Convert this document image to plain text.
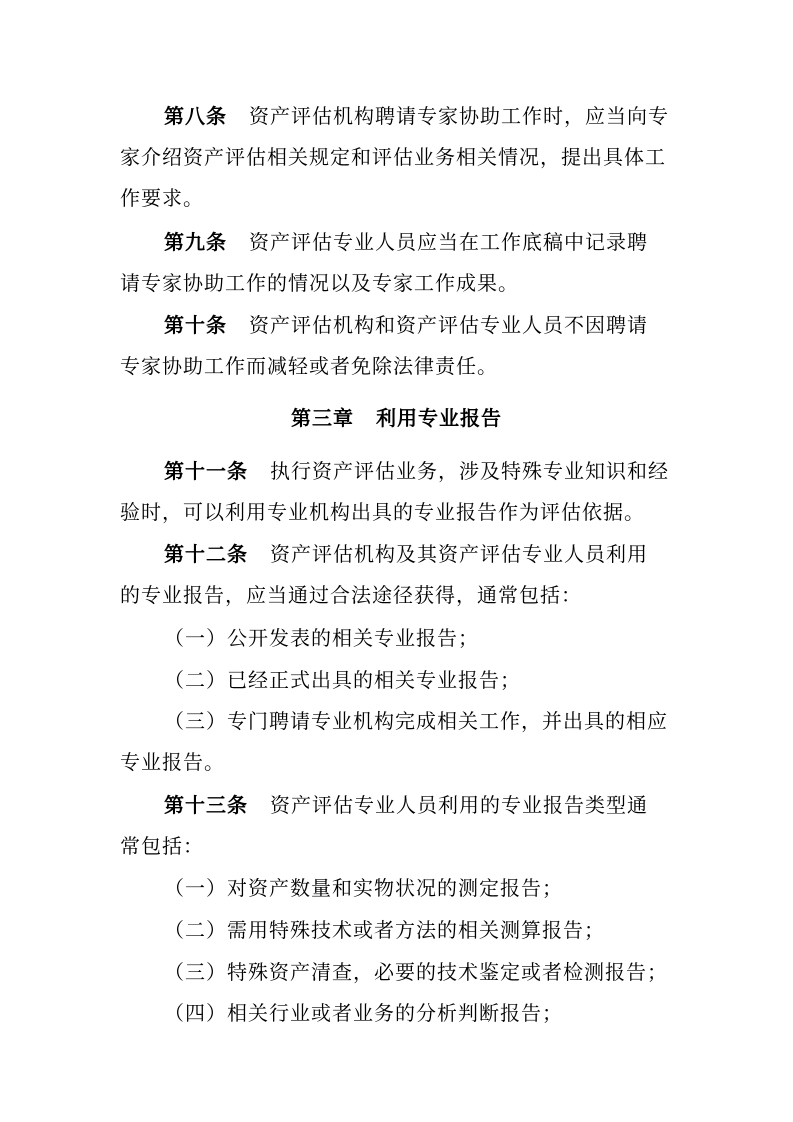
第八条 资产评估机构聘请专家协助工作时，应当向专
家介绍资产评估相关规定和评估业务相关情况，提出具体工
作要求。
第九条 资产评估专业人员应当在工作底稿中记录聘
请专家协助工作的情况以及专家工作成果。
第十条 资产评估机构和资产评估专业人员不因聘请
专家协助工作而减轻或者免除法律责任。
第三章 利用专业报告
第十一条 执行资产评估业务，涉及特殊专业知识和经
验时，可以利用专业机构出具的专业报告作为评估依据。
第十二条 资产评估机构及其资产评估专业人员利用
的专业报告，应当通过合法途径获得，通常包括：
（一）公开发表的相关专业报告；
（二）已经正式出具的相关专业报告；
（三）专门聘请专业机构完成相关工作，并出具的相应
专业报告。
第十三条 资产评估专业人员利用的专业报告类型通
常包括：
（一）对资产数量和实物状况的测定报告；
（二）需用特殊技术或者方法的相关测算报告；
（三）特殊资产清查，必要的技术鉴定或者检测报告；
（四）相关行业或者业务的分析判断报告；
